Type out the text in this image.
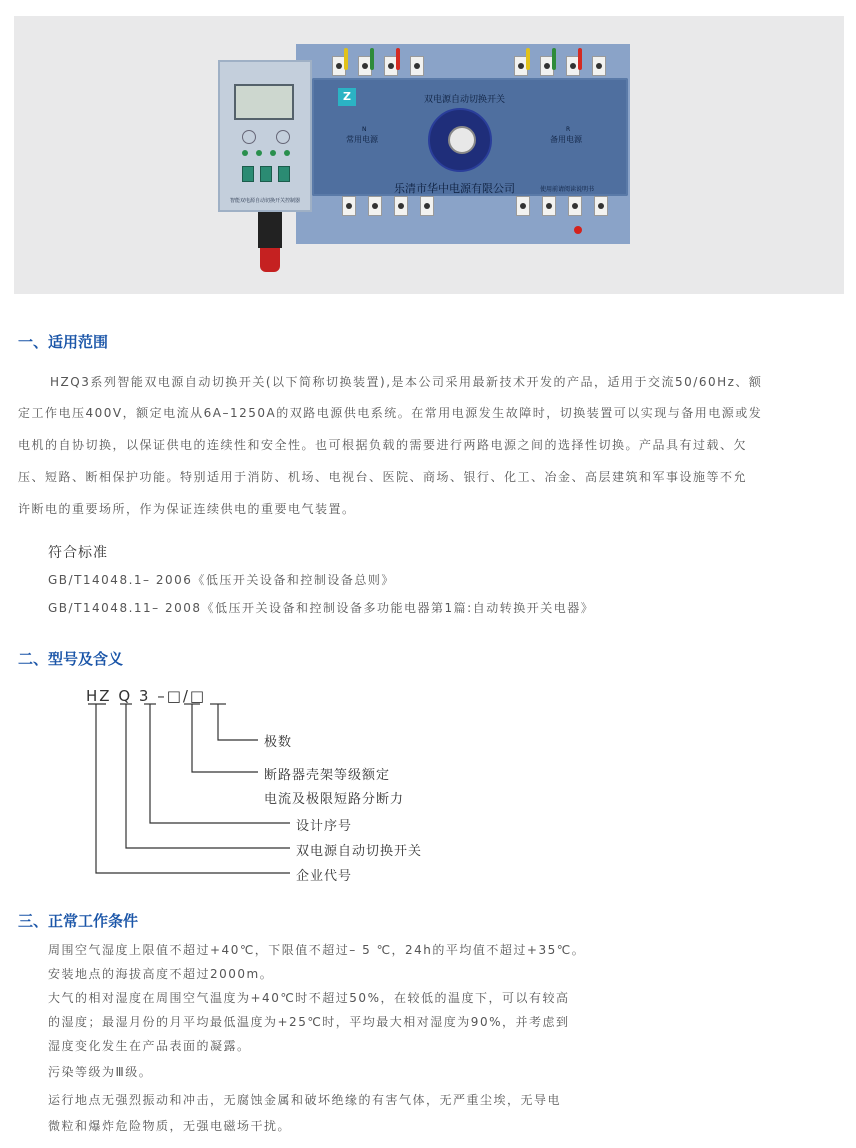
Z	双电源自动切换开关
N
常用电源
R
备用电源
乐清市华中电源有限公司	使用前请阅读说明书
智能双电源自动切换开关控制器
一、适用范围
HZQ3系列智能双电源自动切换开关(以下简称切换装置),是本公司采用最新技术开发的产品，适用于交流50/60Hz、额
定工作电压400V，额定电流从6A–1250A的双路电源供电系统。在常用电源发生故障时，切换装置可以实现与备用电源或发
电机的自协切换，以保证供电的连续性和安全性。也可根据负载的需要进行两路电源之间的选择性切换。产品具有过载、欠
压、短路、断相保护功能。特别适用于消防、机场、电视台、医院、商场、银行、化工、冶金、高层建筑和军事设施等不允
许断电的重要场所，作为保证连续供电的重要电气装置。
符合标准
GB/T14048.1– 2006《低压开关设备和控制设备总则》
GB/T14048.11– 2008《低压开关设备和控制设备多功能电器第1篇:自动转换开关电器》
二、型号及含义
HZ Q 3 –□/□
极数
断路器壳架等级额定
电流及极限短路分断力
设计序号
双电源自动切换开关
企业代号
三、正常工作条件
周围空气湿度上限值不超过+40℃，下限值不超过– 5 ℃，24h的平均值不超过+35℃。
安装地点的海拔高度不超过2000m。
大气的相对湿度在周围空气温度为+40℃时不超过50%，在较低的温度下，可以有较高
的湿度；最湿月份的月平均最低温度为+25℃时，平均最大相对湿度为90%，并考虑到
湿度变化发生在产品表面的凝露。
污染等级为Ⅲ级。
运行地点无强烈振动和冲击，无腐蚀金属和破坏绝缘的有害气体，无严重尘埃，无导电
微粒和爆炸危险物质，无强电磁场干扰。
